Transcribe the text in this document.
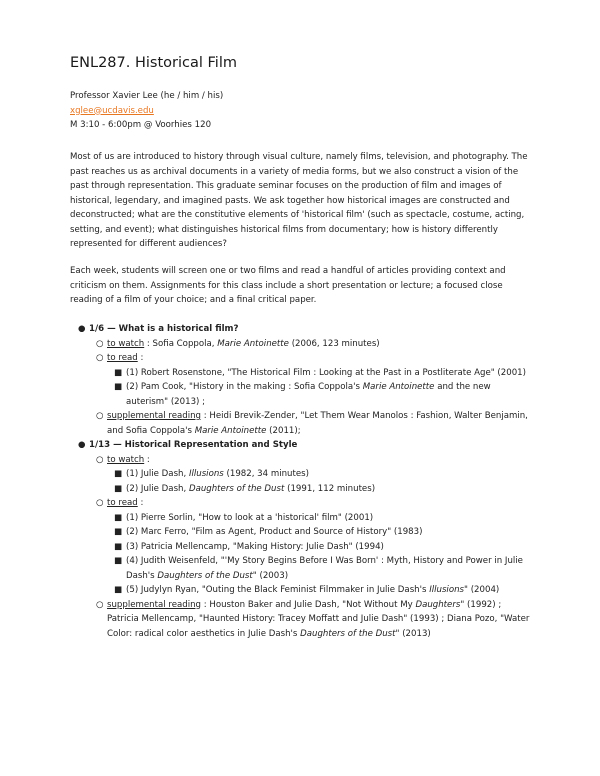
ENL287. Historical Film
Professor Xavier Lee (he / him / his)
xglee@ucdavis.edu
M 3:10 - 6:00pm @ Voorhies 120

Most of us are introduced to history through visual culture, namely films, television, and photography. The past reaches us as archival documents in a variety of media forms, but we also construct a vision of the past through representation. This graduate seminar focuses on the production of film and images of historical, legendary, and imagined pasts. We ask together how historical images are constructed and deconstructed; what are the constitutive elements of 'historical film' (such as spectacle, costume, acting, setting, and event); what distinguishes historical films from documentary; how is history differently represented for different audiences?

Each week, students will screen one or two films and read a handful of articles providing context and criticism on them. Assignments for this class include a short presentation or lecture; a focused close reading of a film of your choice; and a final critical paper.

● 1/6 — What is a historical film?
○ to watch : Sofia Coppola, Marie Antoinette (2006, 123 minutes)
○ to read :
■ (1) Robert Rosenstone, "The Historical Film : Looking at the Past in a Postliterate Age" (2001)
■ (2) Pam Cook, "History in the making : Sofia Coppola's Marie Antoinette and the new auterism" (2013) ;
○ supplemental reading : Heidi Brevik-Zender, "Let Them Wear Manolos : Fashion, Walter Benjamin, and Sofia Coppola's Marie Antoinette (2011);
● 1/13 — Historical Representation and Style
○ to watch :
■ (1) Julie Dash, Illusions (1982, 34 minutes)
■ (2) Julie Dash, Daughters of the Dust (1991, 112 minutes)
○ to read :
■ (1) Pierre Sorlin, "How to look at a 'historical' film" (2001)
■ (2) Marc Ferro, "Film as Agent, Product and Source of History" (1983)
■ (3) Patricia Mellencamp, "Making History: Julie Dash" (1994)
■ (4) Judith Weisenfeld, "'My Story Begins Before I Was Born' : Myth, History and Power in Julie Dash's Daughters of the Dust" (2003)
■ (5) Judylyn Ryan, "Outing the Black Feminist Filmmaker in Julie Dash's Illusions" (2004)
○ supplemental reading : Houston Baker and Julie Dash, "Not Without My Daughters" (1992) ; Patricia Mellencamp, "Haunted History: Tracey Moffatt and Julie Dash" (1993) ; Diana Pozo, "Water Color: radical color aesthetics in Julie Dash's Daughters of the Dust" (2013)
